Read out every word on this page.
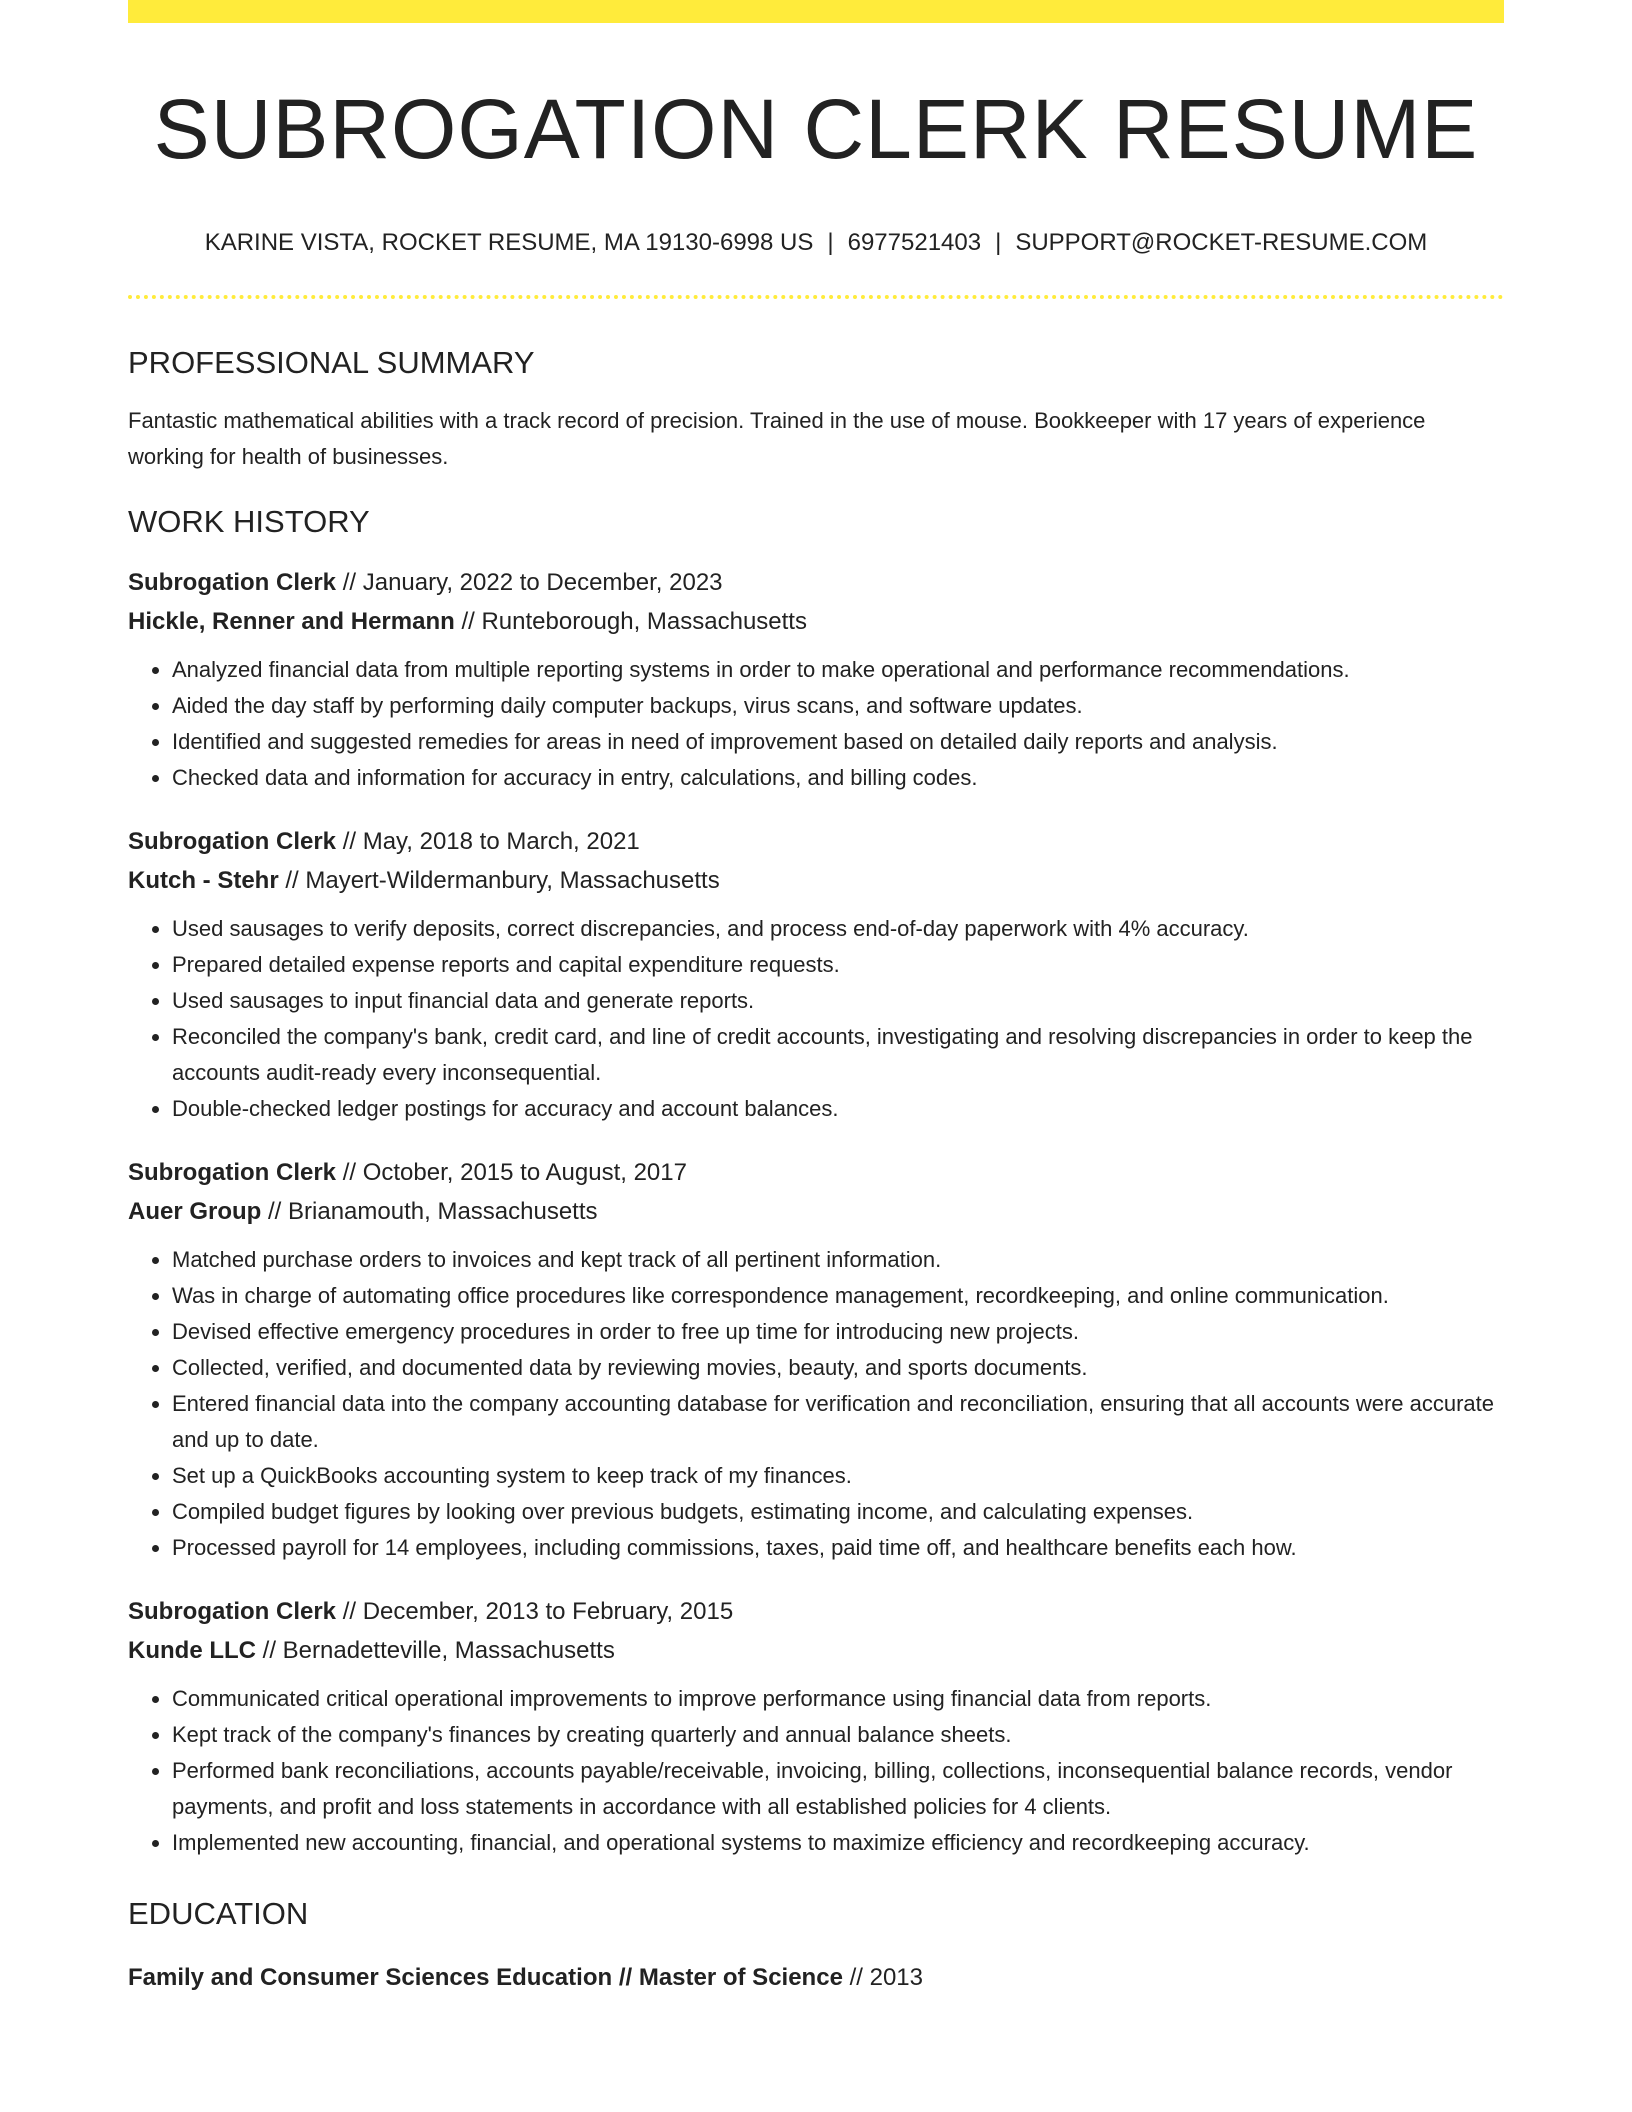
SUBROGATION CLERK RESUME
KARINE VISTA, ROCKET RESUME, MA 19130-6998 US | 6977521403 | SUPPORT@ROCKET-RESUME.COM
PROFESSIONAL SUMMARY

Fantastic mathematical abilities with a track record of precision. Trained in the use of mouse. Bookkeeper with 17 years of experience working for health of businesses.

WORK HISTORY
Subrogation Clerk // January, 2022 to December, 2023
Hickle, Renner and Hermann // Runteborough, Massachusetts
• Analyzed financial data from multiple reporting systems in order to make operational and performance recommendations.
• Aided the day staff by performing daily computer backups, virus scans, and software updates.
• Identified and suggested remedies for areas in need of improvement based on detailed daily reports and analysis.
• Checked data and information for accuracy in entry, calculations, and billing codes.
Subrogation Clerk // May, 2018 to March, 2021
Kutch - Stehr // Mayert-Wildermanbury, Massachusetts
• Used sausages to verify deposits, correct discrepancies, and process end-of-day paperwork with 4% accuracy.
• Prepared detailed expense reports and capital expenditure requests.
• Used sausages to input financial data and generate reports.
• Reconciled the company's bank, credit card, and line of credit accounts, investigating and resolving discrepancies in order to keep the accounts audit-ready every inconsequential.
• Double-checked ledger postings for accuracy and account balances.
Subrogation Clerk // October, 2015 to August, 2017
Auer Group // Brianamouth, Massachusetts
• Matched purchase orders to invoices and kept track of all pertinent information.
• Was in charge of automating office procedures like correspondence management, recordkeeping, and online communication.
• Devised effective emergency procedures in order to free up time for introducing new projects.
• Collected, verified, and documented data by reviewing movies, beauty, and sports documents.
• Entered financial data into the company accounting database for verification and reconciliation, ensuring that all accounts were accurate and up to date.
• Set up a QuickBooks accounting system to keep track of my finances.
• Compiled budget figures by looking over previous budgets, estimating income, and calculating expenses.
• Processed payroll for 14 employees, including commissions, taxes, paid time off, and healthcare benefits each how.
Subrogation Clerk // December, 2013 to February, 2015
Kunde LLC // Bernadetteville, Massachusetts
• Communicated critical operational improvements to improve performance using financial data from reports.
• Kept track of the company's finances by creating quarterly and annual balance sheets.
• Performed bank reconciliations, accounts payable/receivable, invoicing, billing, collections, inconsequential balance records, vendor payments, and profit and loss statements in accordance with all established policies for 4 clients.
• Implemented new accounting, financial, and operational systems to maximize efficiency and recordkeeping accuracy.
EDUCATION
Family and Consumer Sciences Education // Master of Science // 2013
